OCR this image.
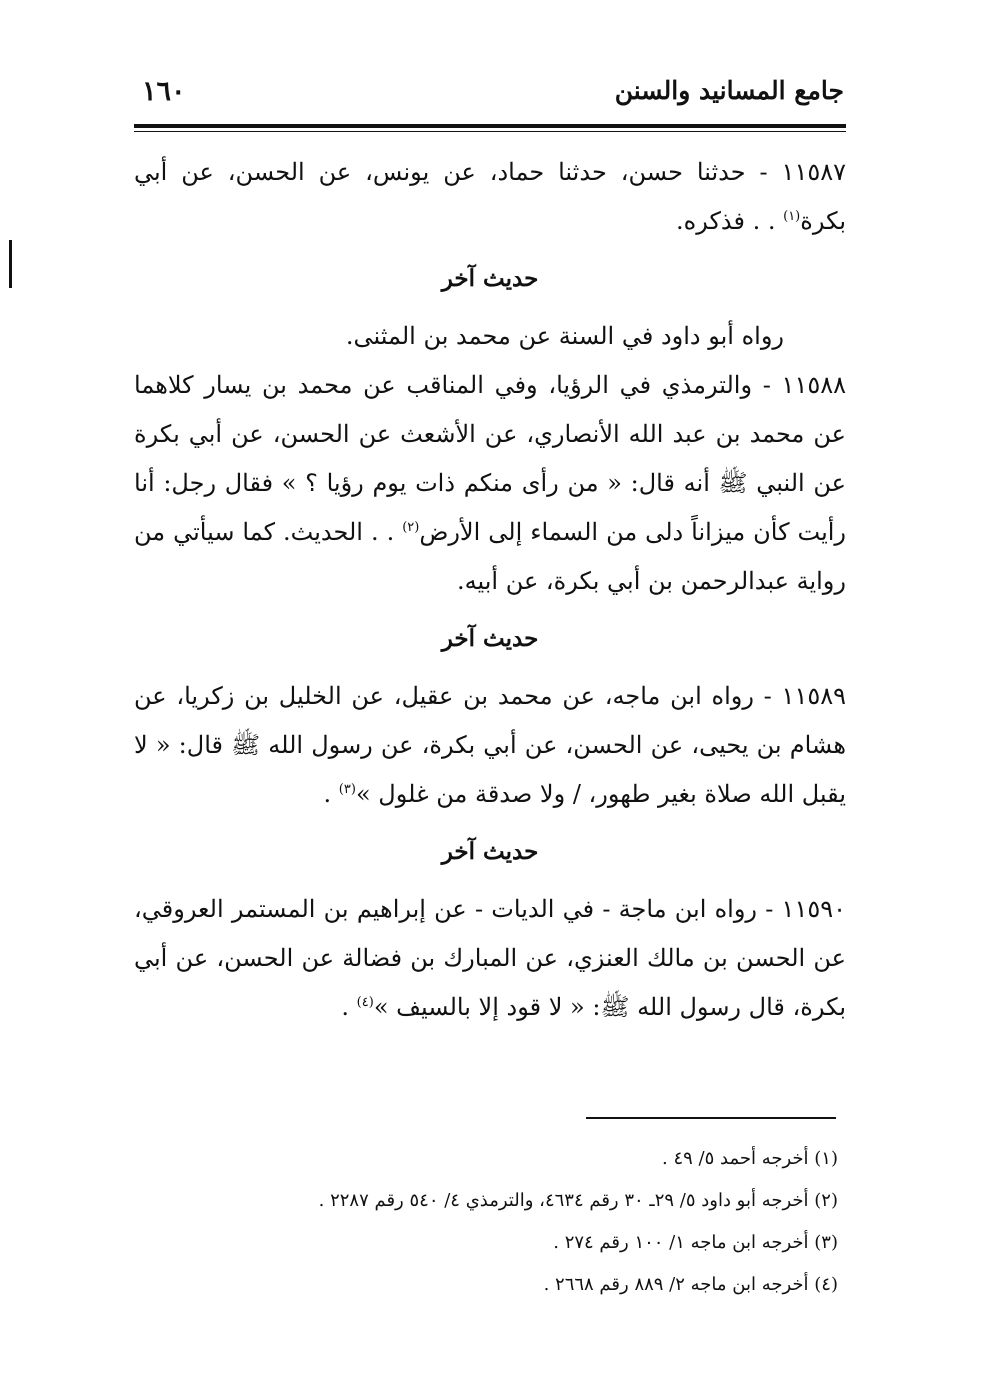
جامع المسانيد والسنن
١٦٠

١١٥٨٧ - حدثنا حسن، حدثنا حماد، عن يونس، عن الحسن، عن أبي بكرة$^{(١)}$ . . فذكره.

حديث آخر

رواه أبو داود في السنة عن محمد بن المثنى.

١١٥٨٨ - والترمذي في الرؤيا، وفي المناقب عن محمد بن يسار كلاهما عن محمد بن عبد الله الأنصاري، عن الأشعث عن الحسن، عن أبي بكرة عن النبي ﷺ أنه قال: « من رأى منكم ذات يوم رؤيا ؟ » فقال رجل: أنا رأيت كأن ميزاناً دلى من السماء إلى الأرض$^{(٢)}$ . . الحديث. كما سيأتي من رواية عبدالرحمن بن أبي بكرة، عن أبيه.

حديث آخر

١١٥٨٩ - رواه ابن ماجه، عن محمد بن عقيل، عن الخليل بن زكريا، عن هشام بن يحيى، عن الحسن، عن أبي بكرة، عن رسول الله ﷺ قال: « لا يقبل الله صلاة بغير طهور، / ولا صدقة من غلول »$^{(٣)}$ .

حديث آخر

١١٥٩٠ - رواه ابن ماجة - في الديات - عن إبراهيم بن المستمر العروقي، عن الحسن بن مالك العنزي، عن المبارك بن فضالة عن الحسن، عن أبي بكرة، قال رسول الله ﷺ: « لا قود إلا بالسيف »$^{(٤)}$ .

(١) أخرجه أحمد ٥/ ٤٩ .

(٢) أخرجه أبو داود ٥/ ٢٩ـ ٣٠ رقم ٤٦٣٤، والترمذي ٤/ ٥٤٠ رقم ٢٢٨٧ .

(٣) أخرجه ابن ماجه ١/ ١٠٠ رقم ٢٧٤ .

(٤) أخرجه ابن ماجه ٢/ ٨٨٩ رقم ٢٦٦٨ .
